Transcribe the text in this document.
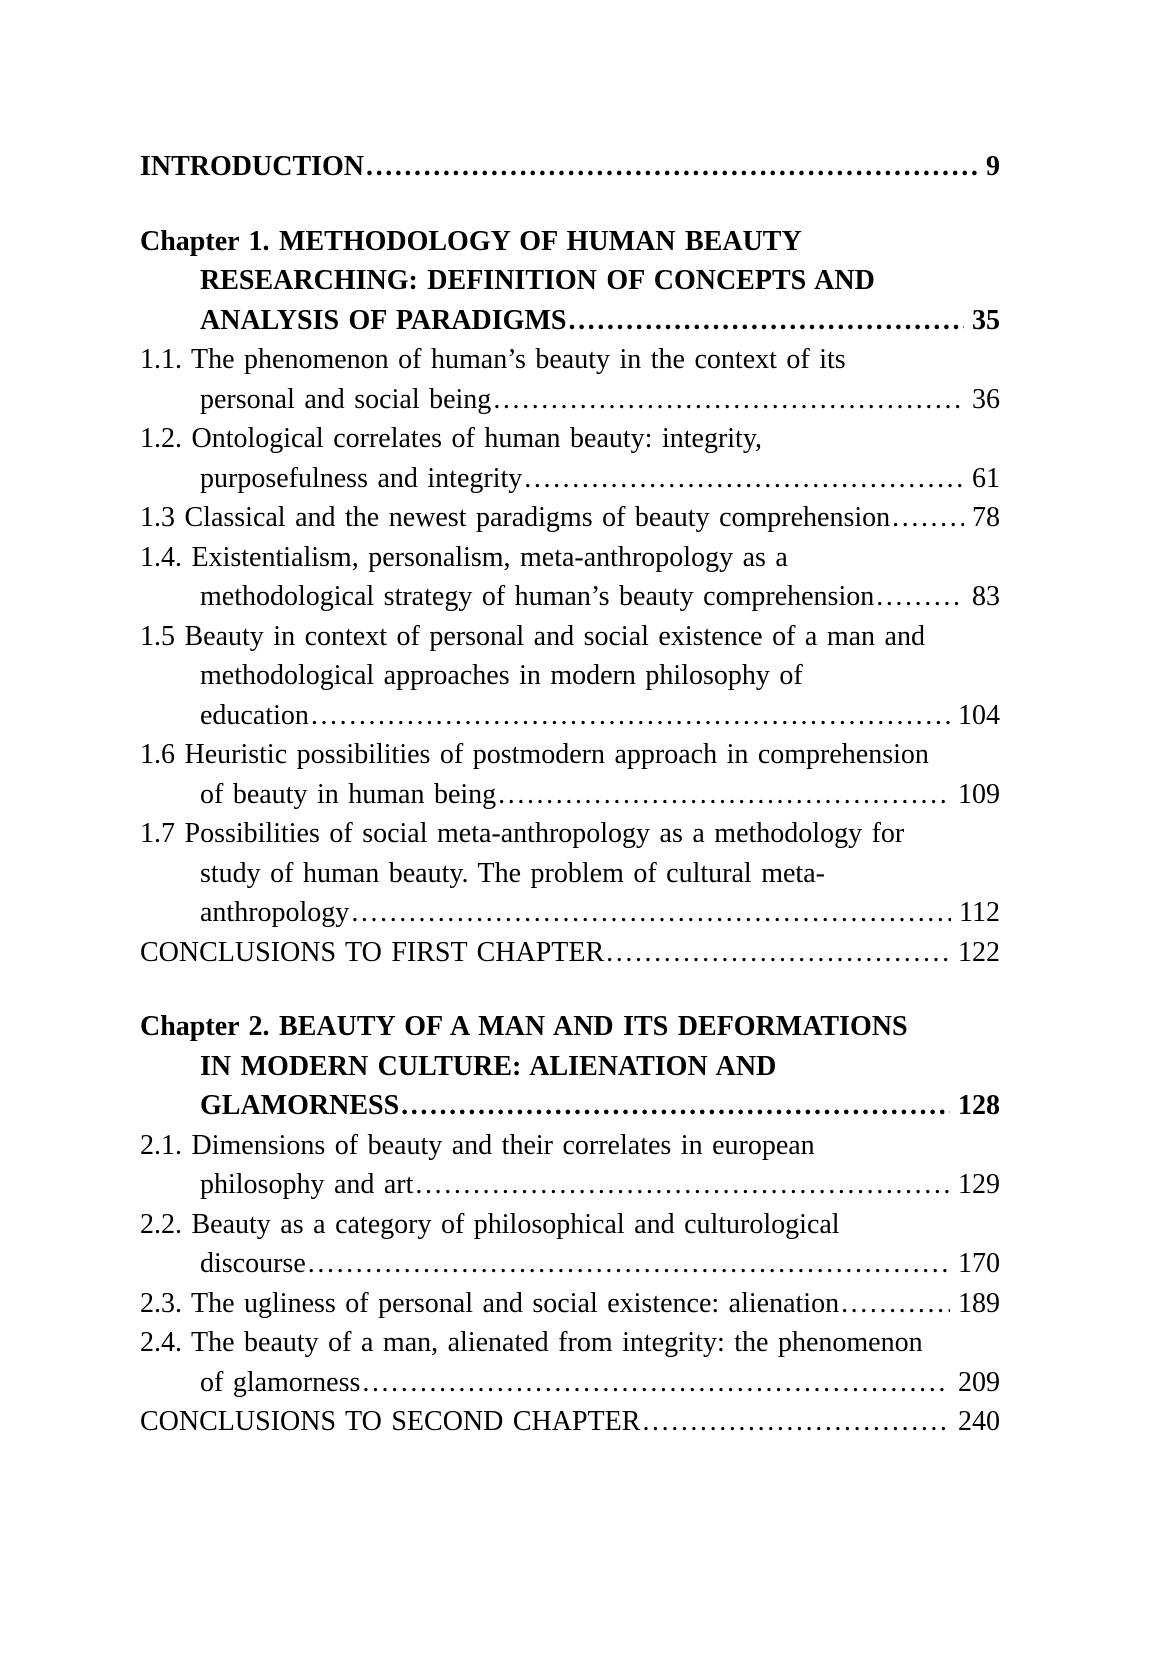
INTRODUCTION .....	9
Chapter 1. METHODOLOGY OF HUMAN BEAUTY
RESEARCHING: DEFINITION OF CONCEPTS AND
ANALYSIS OF PARADIGMS .....	35
1.1. The phenomenon of human’s beauty in the context of its
personal and social being .....	36
1.2. Ontological correlates of human beauty: integrity,
purposefulness and integrity .....	61
1.3 Classical and the newest paradigms of beauty comprehension .....	78
1.4. Existentialism, personalism, meta-anthropology as a
methodological strategy of human’s beauty comprehension .....	83
1.5 Beauty in context of personal and social existence of a man and
methodological approaches in modern philosophy of
education .....	104
1.6 Heuristic possibilities of postmodern approach in comprehension
of beauty in human being .....	109
1.7 Possibilities of social meta-anthropology as a methodology for
study of human beauty. The problem of cultural meta-
anthropology .....	112
CONCLUSIONS TO FIRST CHAPTER .....	122
Chapter 2. BEAUTY OF A MAN AND ITS DEFORMATIONS
IN MODERN CULTURE: ALIENATION AND
GLAMORNESS .....	128
2.1. Dimensions of beauty and their correlates in european
philosophy and art .....	129
2.2. Beauty as a category of philosophical and culturological
discourse .....	170
2.3. The ugliness of personal and social existence: alienation .....	189
2.4. The beauty of a man, alienated from integrity: the phenomenon
of glamorness .....	209
CONCLUSIONS TO SECOND CHAPTER .....	240
